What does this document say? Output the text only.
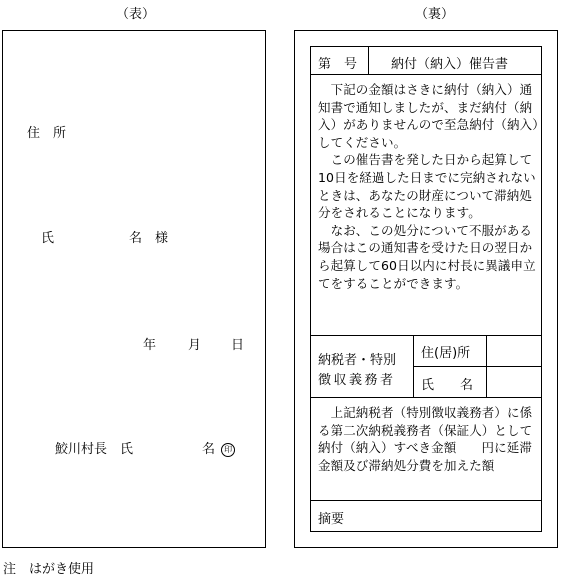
（表）
住　所
氏	名　様
年 月 日
鮫川村長　氏	名 印
（裏）
第　号	納付（納入）催告書
　下記の金額はさきに納付（納入）通知書で通知しましたが、まだ納付（納入）がありませんので至急納付（納入）してください。
　この催告書を発した日から起算して10日を経過した日までに完納されないときは、あなたの財産について滞納処分をされることになります。
　なお、この処分について不服がある場合はこの通知書を受けた日の翌日から起算して60日以内に村長に異議申立てをすることができます。
納税者・特別
徴収義務者
住(居)所
氏　　名
　上記納税者（特別徴収義務者）に係る第二次納税義務者（保証人）として納付（納入）すべき金額　　円に延滞金額及び滞納処分費を加えた額
摘要
注　はがき使用
